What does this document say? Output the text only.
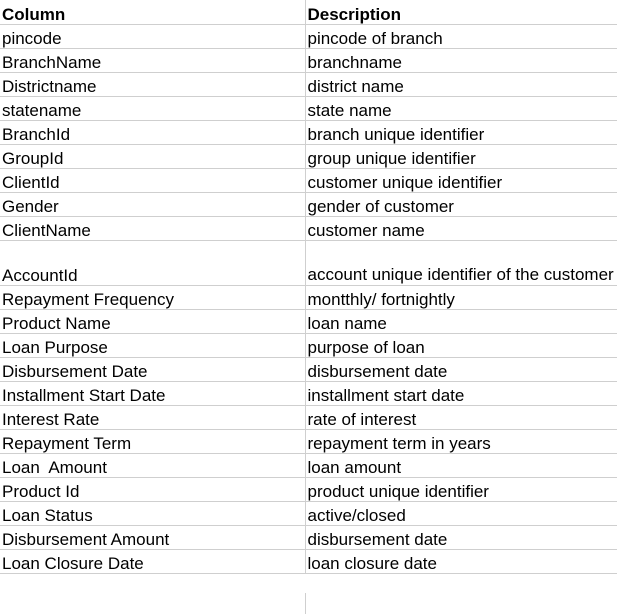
Column	Description
pincode	pincode of branch
BranchName	branchname
Districtname	district name
statename	state name
BranchId	branch unique identifier
GroupId	group unique identifier
ClientId	customer unique identifier
Gender	gender of customer
ClientName	customer name
AccountId	account unique identifier of the customer
Repayment Frequency	montthly/ fortnightly
Product Name	loan name
Loan Purpose	purpose of loan
Disbursement Date	disbursement date
Installment Start Date	installment start date
Interest Rate	rate of interest
Repayment Term	repayment term in years
Loan  Amount	loan amount
Product Id	product unique identifier
Loan Status	active/closed
Disbursement Amount	disbursement date
Loan Closure Date	loan closure date
